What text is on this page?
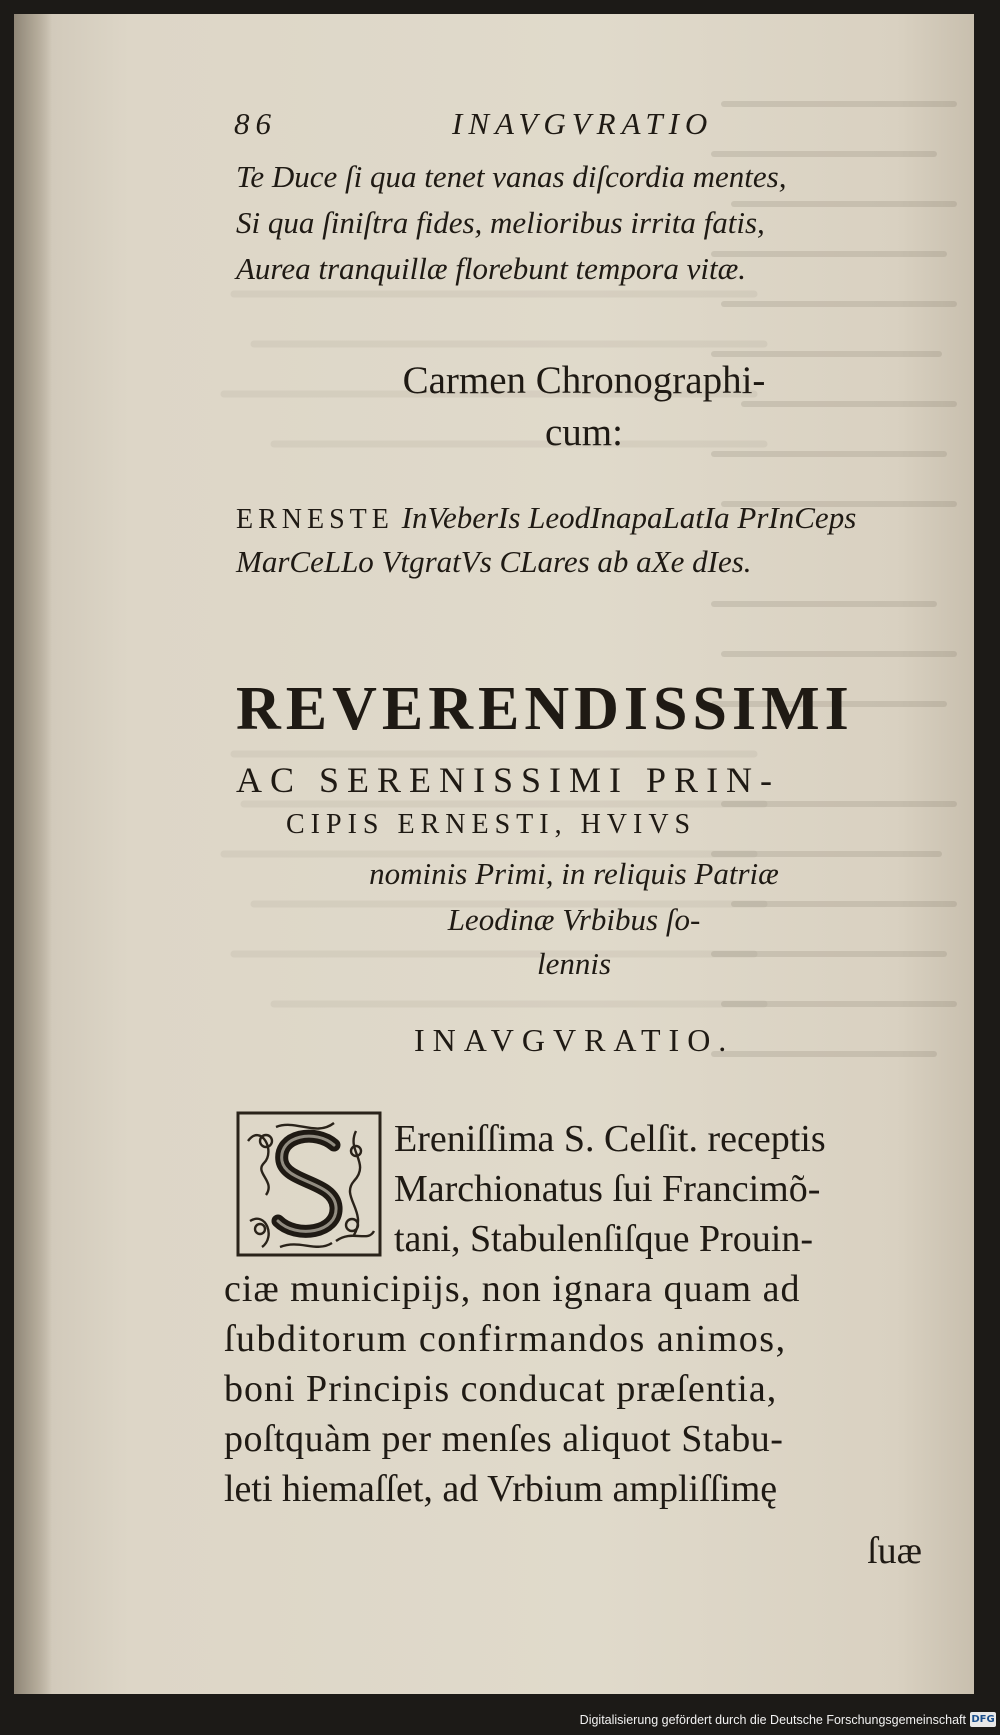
86	INAVGVRATIO
Te Duce ſi qua tenet vanas diſcordia mentes,
Si qua ſiniſtra fides, melioribus irrita fatis,
Aurea tranquillæ florebunt tempora vitæ.
Carmen Chronographi-
cum:
ERNESTE InVeberIs LeodInapaLatIa PrInCeps
MarCeLLo VtgratVs CLares ab aXe dIes.
REVERENDISSIMI
AC SERENISSIMI PRIN-
CIPIS ERNESTI, HVIVS
nominis Primi, in reliquis Patriæ
Leodinæ Vrbibus ſo-
lennis
INAVGVRATIO.
Ereniſſima S. Celſit. receptis
Marchionatus ſui Francimõ-
tani, Stabulenſiſque Prouin-
ciæ municipijs, non ignara quam ad
ſubditorum confirmandos animos,
boni Principis conducat præſentia,
poſtquàm per menſes aliquot Stabu-
leti hiemaſſet, ad Vrbium ampliſſimę
ſuæ
Digitalisierung gefördert durch die Deutsche Forschungsgemeinschaft DFG
